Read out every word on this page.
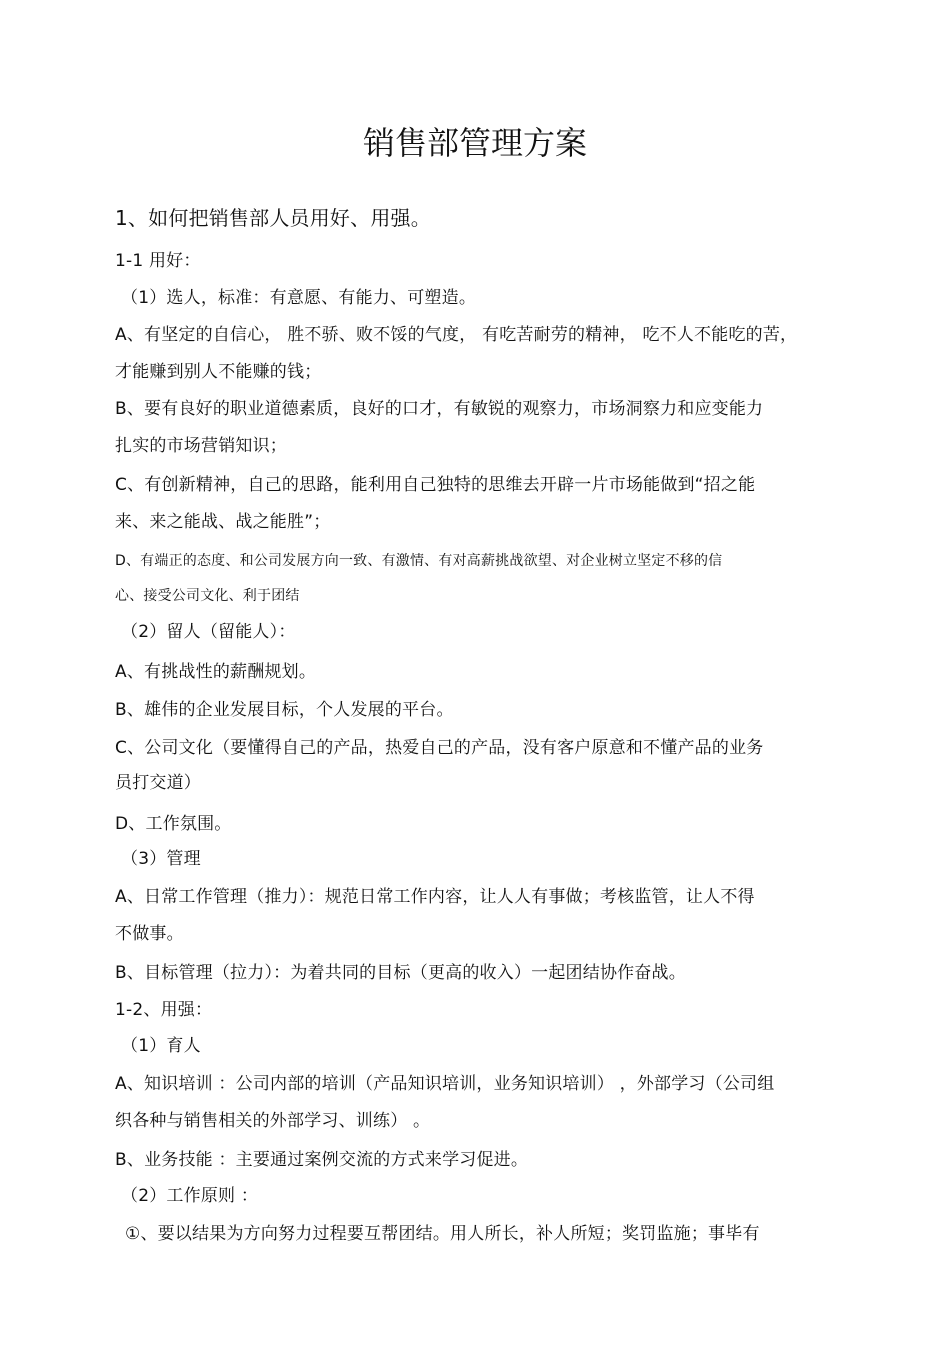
销售部管理方案
1、如何把销售部人员用好、用强。
1-1 用好：
（1）选人，标准：有意愿、有能力、可塑造。
A、有坚定的自信心， 胜不骄、败不馁的气度， 有吃苦耐劳的精神， 吃不人不能吃的苦，
才能赚到别人不能赚的钱；
B、要有良好的职业道德素质，良好的口才，有敏锐的观察力，市场洞察力和应变能力
扎实的市场营销知识；
C、有创新精神，自己的思路，能利用自己独特的思维去开辟一片市场能做到“招之能
来、来之能战、战之能胜”；
D、有端正的态度、和公司发展方向一致、有激情、有对高薪挑战欲望、对企业树立坚定不移的信
心、接受公司文化、利于团结
（2）留人（留能人）：
A、有挑战性的薪酬规划。
B、雄伟的企业发展目标，个人发展的平台。
C、公司文化（要懂得自己的产品，热爱自己的产品，没有客户原意和不懂产品的业务
员打交道）
D、工作氛围。
（3）管理
A、日常工作管理（推力）：规范日常工作内容，让人人有事做；考核监管，让人不得
不做事。
B、目标管理（拉力）：为着共同的目标（更高的收入）一起团结协作奋战。
1-2、用强：
（1）育人
A、知识培训 ：公司内部的培训（产品知识培训，业务知识培训） ，外部学习（公司组
织各种与销售相关的外部学习、训练） 。
B、业务技能 ：主要通过案例交流的方式来学习促进。
（2）工作原则 ：
①、要以结果为方向努力过程要互帮团结。用人所长，补人所短；奖罚监施；事毕有
